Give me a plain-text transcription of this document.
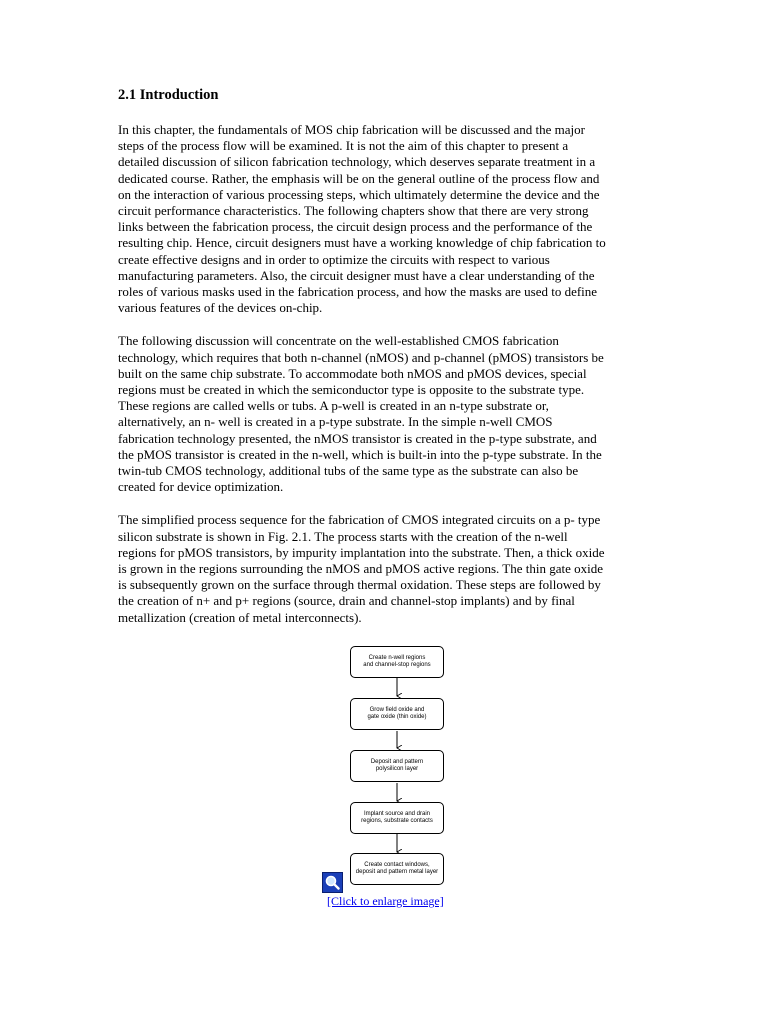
2.1 Introduction

In this chapter, the fundamentals of MOS chip fabrication will be discussed and the major
steps of the process flow will be examined. It is not the aim of this chapter to present a
detailed discussion of silicon fabrication technology, which deserves separate treatment in a
dedicated course. Rather, the emphasis will be on the general outline of the process flow and
on the interaction of various processing steps, which ultimately determine the device and the
circuit performance characteristics. The following chapters show that there are very strong
links between the fabrication process, the circuit design process and the performance of the
resulting chip. Hence, circuit designers must have a working knowledge of chip fabrication to
create effective designs and in order to optimize the circuits with respect to various
manufacturing parameters. Also, the circuit designer must have a clear understanding of the
roles of various masks used in the fabrication process, and how the masks are used to define
various features of the devices on-chip.

The following discussion will concentrate on the well-established CMOS fabrication
technology, which requires that both n-channel (nMOS) and p-channel (pMOS) transistors be
built on the same chip substrate. To accommodate both nMOS and pMOS devices, special
regions must be created in which the semiconductor type is opposite to the substrate type.
These regions are called wells or tubs. A p-well is created in an n-type substrate or,
alternatively, an n- well is created in a p-type substrate. In the simple n-well CMOS
fabrication technology presented, the nMOS transistor is created in the p-type substrate, and
the pMOS transistor is created in the n-well, which is built-in into the p-type substrate. In the
twin-tub CMOS technology, additional tubs of the same type as the substrate can also be
created for device optimization.

The simplified process sequence for the fabrication of CMOS integrated circuits on a p- type
silicon substrate is shown in Fig. 2.1. The process starts with the creation of the n-well
regions for pMOS transistors, by impurity implantation into the substrate. Then, a thick oxide
is grown in the regions surrounding the nMOS and pMOS active regions. The thin gate oxide
is subsequently grown on the surface through thermal oxidation. These steps are followed by
the creation of n+ and p+ regions (source, drain and channel-stop implants) and by final
metallization (creation of metal interconnects).

Create n-well regions
and channel-stop regions
Grow field oxide and
gate oxide (thin oxide)
Deposit and pattern
polysilicon layer
Implant source and drain
regions, substrate contacts
Create contact windows,
deposit and pattern metal layer
[Click to enlarge image]
